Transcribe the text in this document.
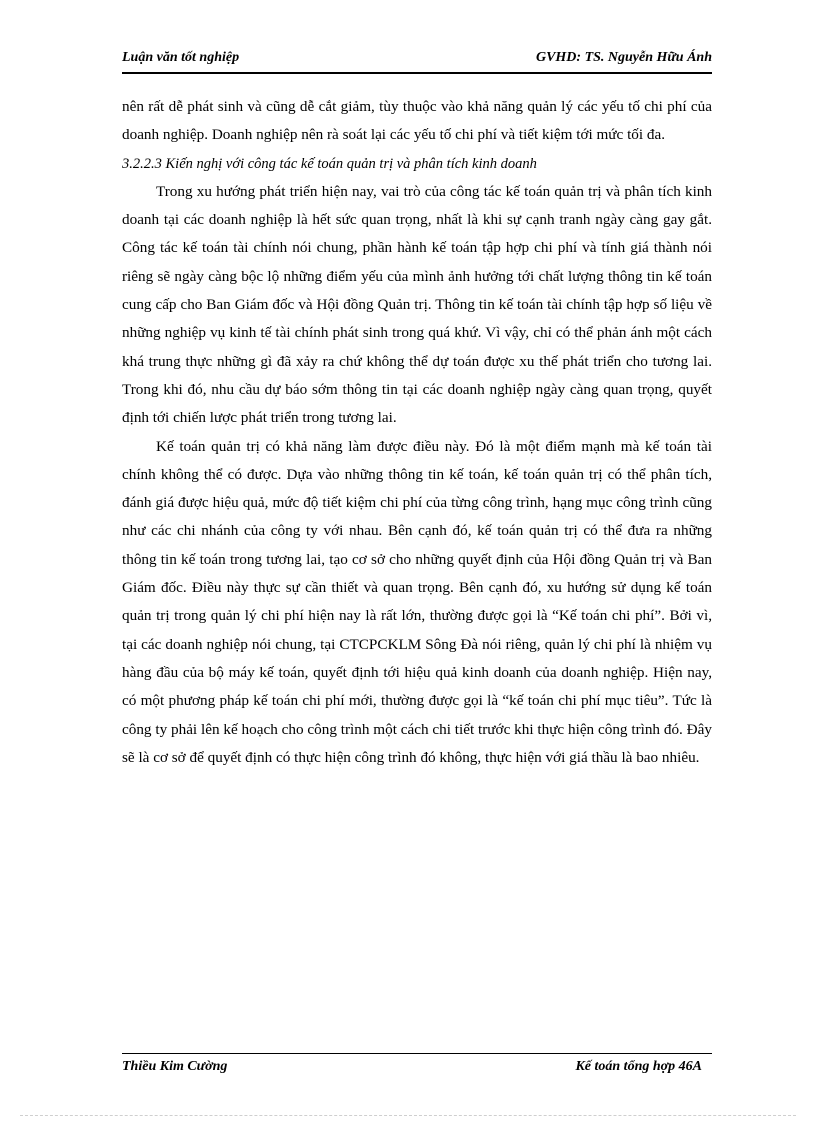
Luận văn tốt nghiệp	GVHD: TS. Nguyễn Hữu Ánh

nên rất dễ phát sinh và cũng dễ cắt giảm, tùy thuộc vào khả năng quản lý các yếu tố chi phí của doanh nghiệp. Doanh nghiệp nên rà soát lại các yếu tố chi phí và tiết kiệm tới mức tối đa.

3.2.2.3 Kiến nghị với công tác kế toán quản trị và phân tích kinh doanh

Trong xu hướng phát triển hiện nay, vai trò của công tác kế toán quản trị và phân tích kinh doanh tại các doanh nghiệp là hết sức quan trọng, nhất là khi sự cạnh tranh ngày càng gay gắt. Công tác kế toán tài chính nói chung, phần hành kế toán tập hợp chi phí và tính giá thành nói riêng sẽ ngày càng bộc lộ những điểm yếu của mình ảnh hưởng tới chất lượng thông tin kế toán cung cấp cho Ban Giám đốc và Hội đồng Quản trị. Thông tin kế toán tài chính tập hợp số liệu về những nghiệp vụ kinh tế tài chính phát sinh trong quá khứ. Vì vậy, chỉ có thể phản ánh một cách khá trung thực những gì đã xảy ra chứ không thể dự toán được xu thế phát triển cho tương lai. Trong khi đó, nhu cầu dự báo sớm thông tin tại các doanh nghiệp ngày càng quan trọng, quyết định tới chiến lược phát triển trong tương lai.

Kế toán quản trị có khả năng làm được điều này. Đó là một điểm mạnh mà kế toán tài chính không thể có được. Dựa vào những thông tin kế toán, kế toán quản trị có thể phân tích, đánh giá được hiệu quả, mức độ tiết kiệm chi phí của từng công trình, hạng mục công trình cũng như các chi nhánh của công ty với nhau. Bên cạnh đó, kế toán quản trị có thể đưa ra những thông tin kế toán trong tương lai, tạo cơ sở cho những quyết định của Hội đồng Quản trị và Ban Giám đốc. Điều này thực sự cần thiết và quan trọng. Bên cạnh đó, xu hướng sử dụng kế toán quản trị trong quản lý chi phí hiện nay là rất lớn, thường được gọi là “Kế toán chi phí”. Bởi vì, tại các doanh nghiệp nói chung, tại CTCPCKLM Sông Đà nói riêng, quản lý chi phí là nhiệm vụ hàng đầu của bộ máy kế toán, quyết định tới hiệu quả kinh doanh của doanh nghiệp. Hiện nay, có một phương pháp kế toán chi phí mới, thường được gọi là “kế toán chi phí mục tiêu”. Tức là công ty phải lên kế hoạch cho công trình một cách chi tiết trước khi thực hiện công trình đó. Đây sẽ là cơ sở để quyết định có thực hiện công trình đó không, thực hiện với giá thầu là bao nhiêu.

Thiều Kim Cường	Kế toán tổng hợp 46A
